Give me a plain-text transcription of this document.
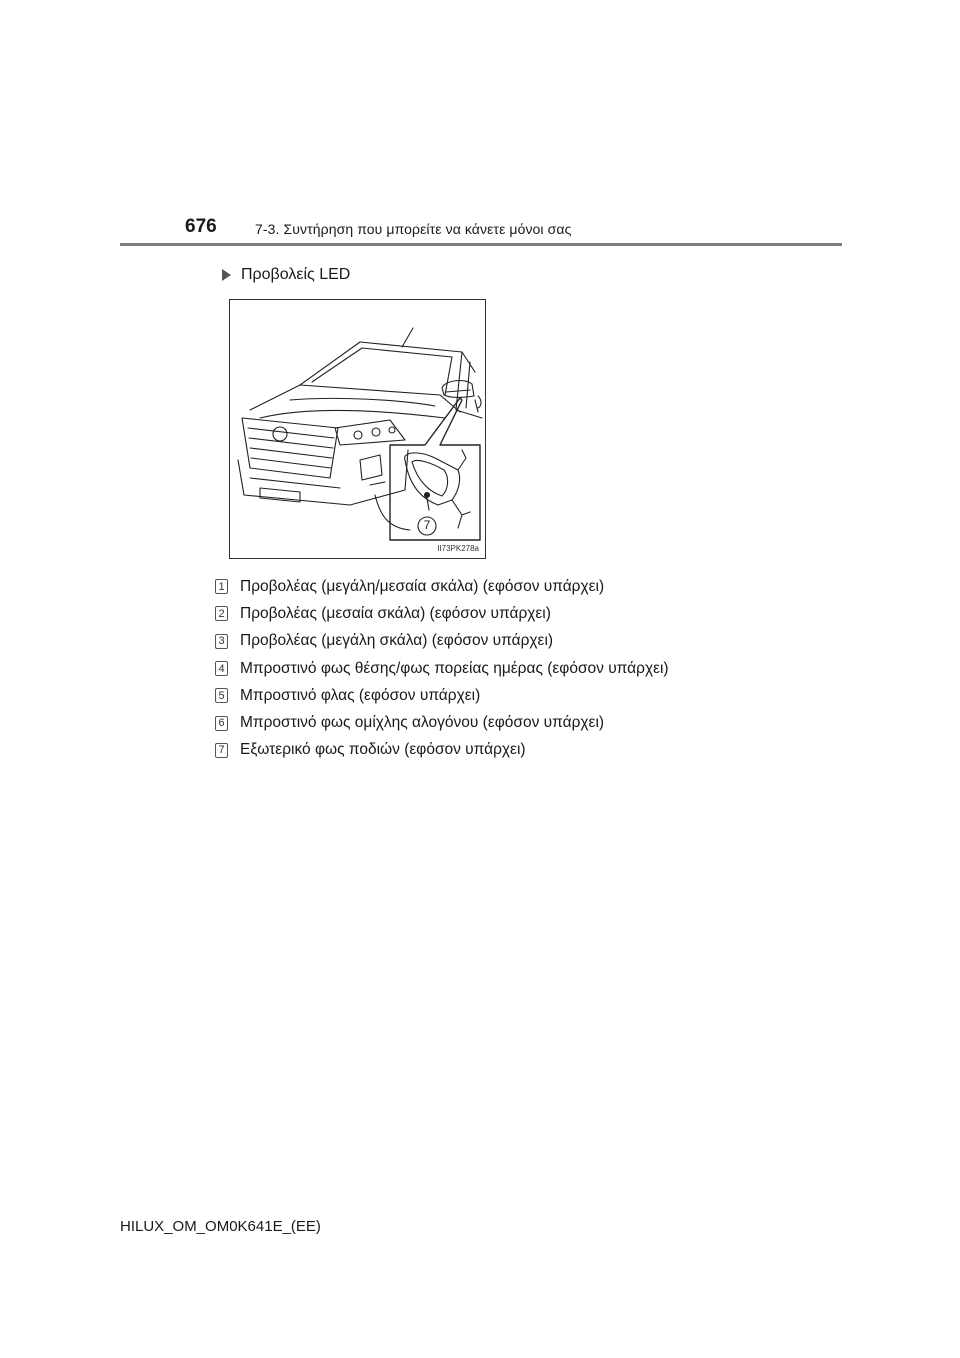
676	7-3. Συντήρηση που μπορείτε να κάνετε μόνοι σας
Προβολείς LED
7
II73PK278a
1 Προβολέας (μεγάλη/μεσαία σκάλα) (εφόσον υπάρχει)
2 Προβολέας (μεσαία σκάλα) (εφόσον υπάρχει)
3 Προβολέας (μεγάλη σκάλα) (εφόσον υπάρχει)
4 Μπροστινό φως θέσης/φως πορείας ημέρας (εφόσον υπάρχει)
5 Μπροστινό φλας (εφόσον υπάρχει)
6 Μπροστινό φως ομίχλης αλογόνου (εφόσον υπάρχει)
7 Εξωτερικό φως ποδιών (εφόσον υπάρχει)
HILUX_OM_OM0K641E_(EE)
